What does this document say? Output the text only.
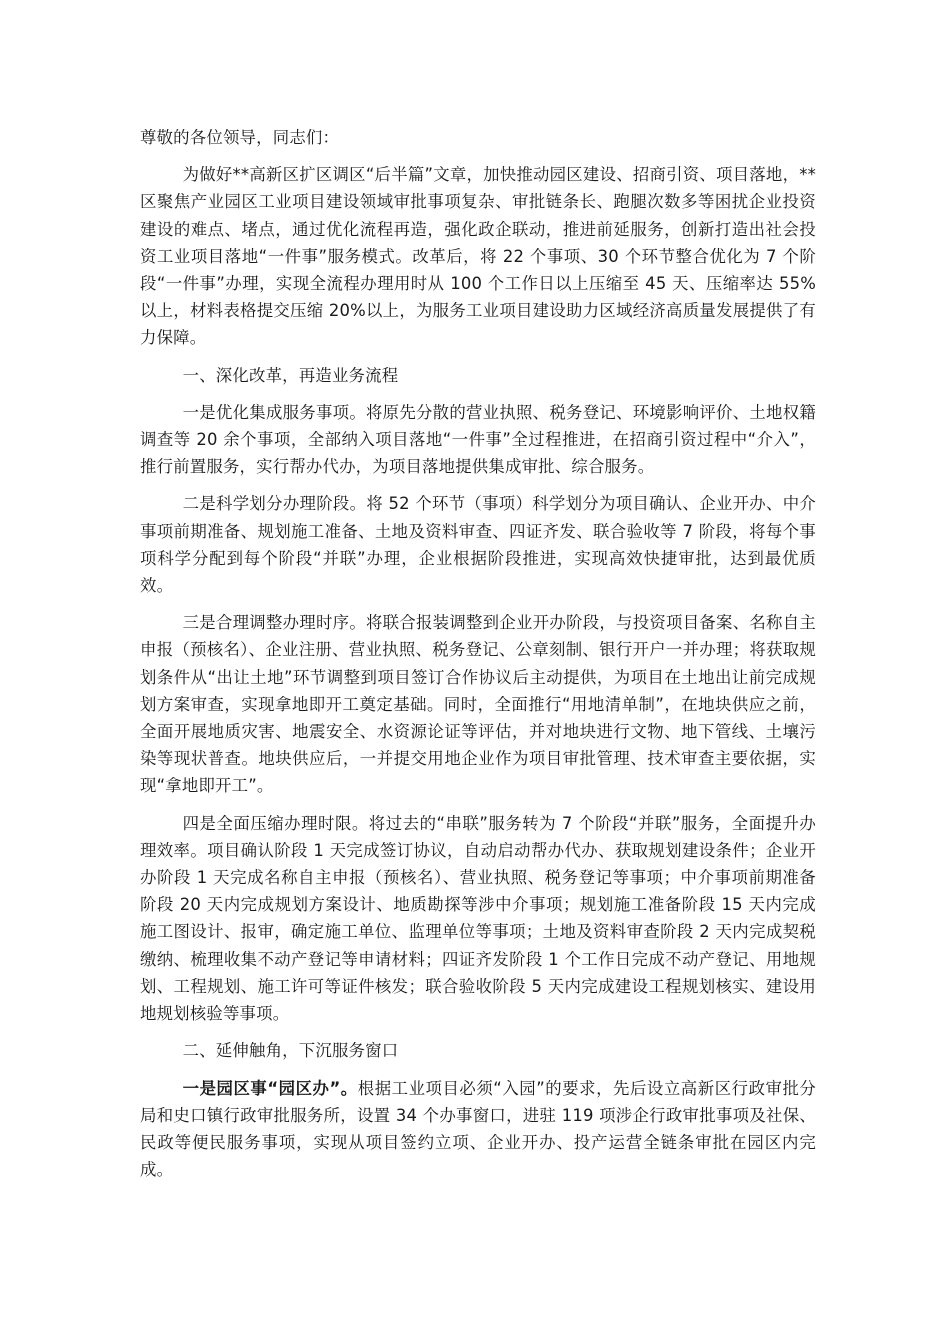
尊敬的各位领导，同志们：

为做好**高新区扩区调区“后半篇”文章，加快推动园区建设、招商引资、项目落地，**区聚焦产业园区工业项目建设领域审批事项复杂、审批链条长、跑腿次数多等困扰企业投资建设的难点、堵点，通过优化流程再造，强化政企联动，推进前延服务，创新打造出社会投资工业项目落地“一件事”服务模式。改革后，将 22 个事项、30 个环节整合优化为 7 个阶段“一件事”办理，实现全流程办理用时从 100 个工作日以上压缩至 45 天、压缩率达 55%以上，材料表格提交压缩 20%以上，为服务工业项目建设助力区域经济高质量发展提供了有力保障。

一、深化改革，再造业务流程

一是优化集成服务事项。将原先分散的营业执照、税务登记、环境影响评价、土地权籍调查等 20 余个事项，全部纳入项目落地“一件事”全过程推进，在招商引资过程中“介入”，推行前置服务，实行帮办代办，为项目落地提供集成审批、综合服务。

二是科学划分办理阶段。将 52 个环节（事项）科学划分为项目确认、企业开办、中介事项前期准备、规划施工准备、土地及资料审查、四证齐发、联合验收等 7 阶段，将每个事项科学分配到每个阶段“并联”办理，企业根据阶段推进，实现高效快捷审批，达到最优质效。

三是合理调整办理时序。将联合报装调整到企业开办阶段，与投资项目备案、名称自主申报（预核名）、企业注册、营业执照、税务登记、公章刻制、银行开户一并办理；将获取规划条件从“出让土地”环节调整到项目签订合作协议后主动提供，为项目在土地出让前完成规划方案审查，实现拿地即开工奠定基础。同时，全面推行“用地清单制”，在地块供应之前，全面开展地质灾害、地震安全、水资源论证等评估，并对地块进行文物、地下管线、土壤污染等现状普查。地块供应后，一并提交用地企业作为项目审批管理、技术审查主要依据，实现“拿地即开工”。

四是全面压缩办理时限。将过去的“串联”服务转为 7 个阶段“并联”服务，全面提升办理效率。项目确认阶段 1 天完成签订协议，自动启动帮办代办、获取规划建设条件；企业开办阶段 1 天完成名称自主申报（预核名）、营业执照、税务登记等事项；中介事项前期准备阶段 20 天内完成规划方案设计、地质勘探等涉中介事项；规划施工准备阶段 15 天内完成施工图设计、报审，确定施工单位、监理单位等事项；土地及资料审查阶段 2 天内完成契税缴纳、梳理收集不动产登记等申请材料；四证齐发阶段 1 个工作日完成不动产登记、用地规划、工程规划、施工许可等证件核发；联合验收阶段 5 天内完成建设工程规划核实、建设用地规划核验等事项。

二、延伸触角，下沉服务窗口

一是园区事“园区办”。根据工业项目必须“入园”的要求，先后设立高新区行政审批分局和史口镇行政审批服务所，设置 34 个办事窗口，进驻 119 项涉企行政审批事项及社保、民政等便民服务事项，实现从项目签约立项、企业开办、投产运营全链条审批在园区内完成。
